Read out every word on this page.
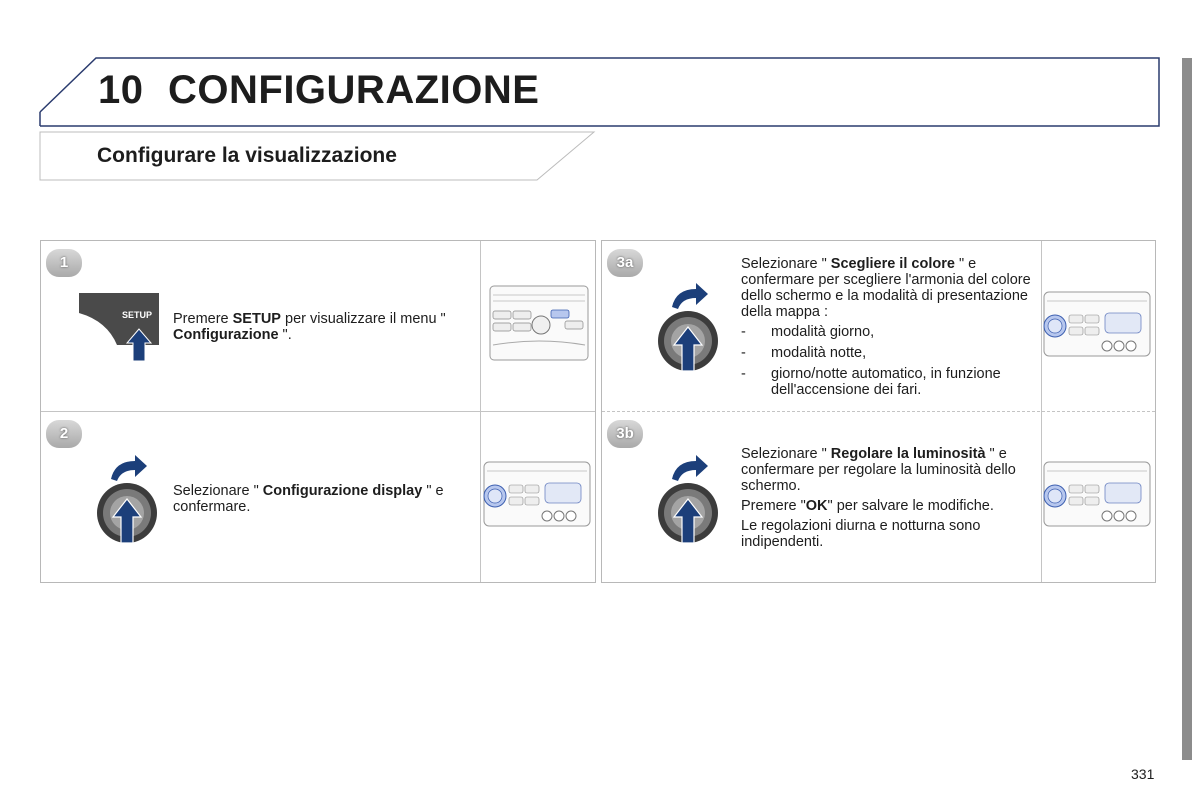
10 CONFIGURAZIONE
Configurare la visualizzazione
1
SETUP Premere SETUP per visualizzare il menu " Configurazione ".

2

Selezionare " Configurazione display " e confermare.

3a	Selezionare " Scegliere il colore " e confermare per scegliere l'armonia del colore dello schermo e la modalità di presentazione della mappa :

- modalità giorno,
- modalità notte,
- giorno/notte automatico, in funzione dell'accensione dei fari.
3b

Selezionare " Regolare la luminosità " e confermare per regolare la luminosità dello schermo.

Premere "OK" per salvare le modifiche.

Le regolazioni diurna e notturna sono indipendenti.

331
